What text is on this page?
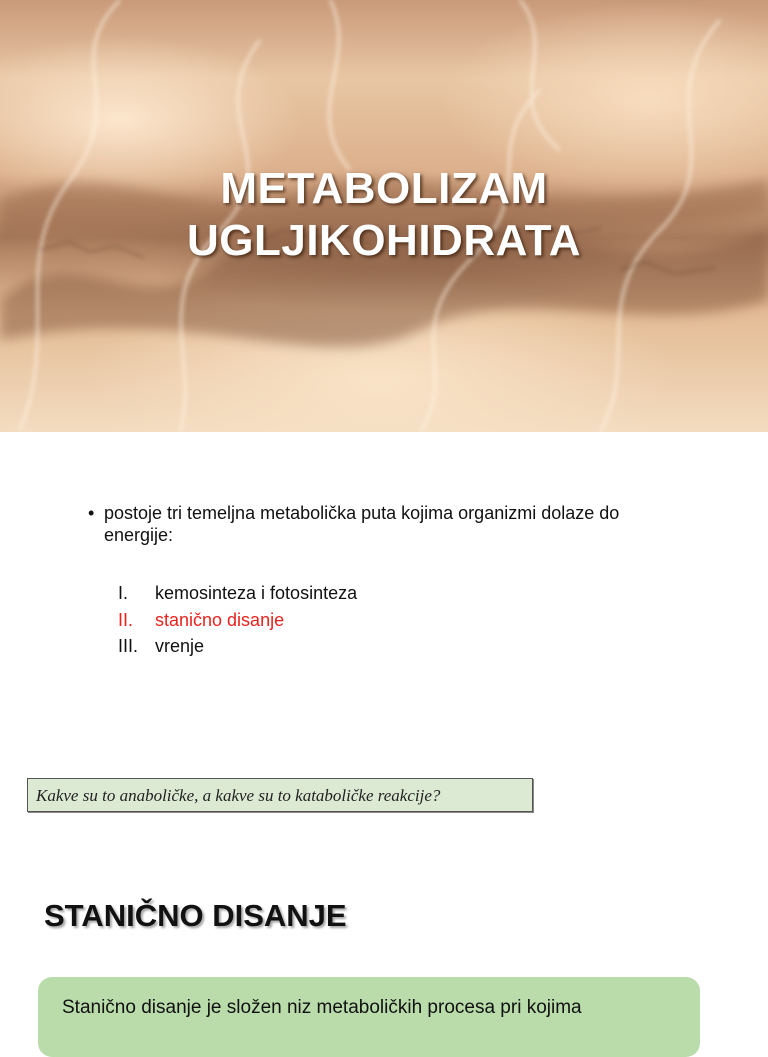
METABOLIZAM
UGLJIKOHIDRATA
• postoje tri temeljna metabolička puta kojima organizmi dolaze do energije:
I.	kemosinteza i fotosinteza
II.	stanično disanje
III. vrenje
Kakve su to anaboličke, a kakve su to kataboličke reakcije?
STANIČNO DISANJE
Stanično disanje je složen niz metaboličkih procesa pri kojima
